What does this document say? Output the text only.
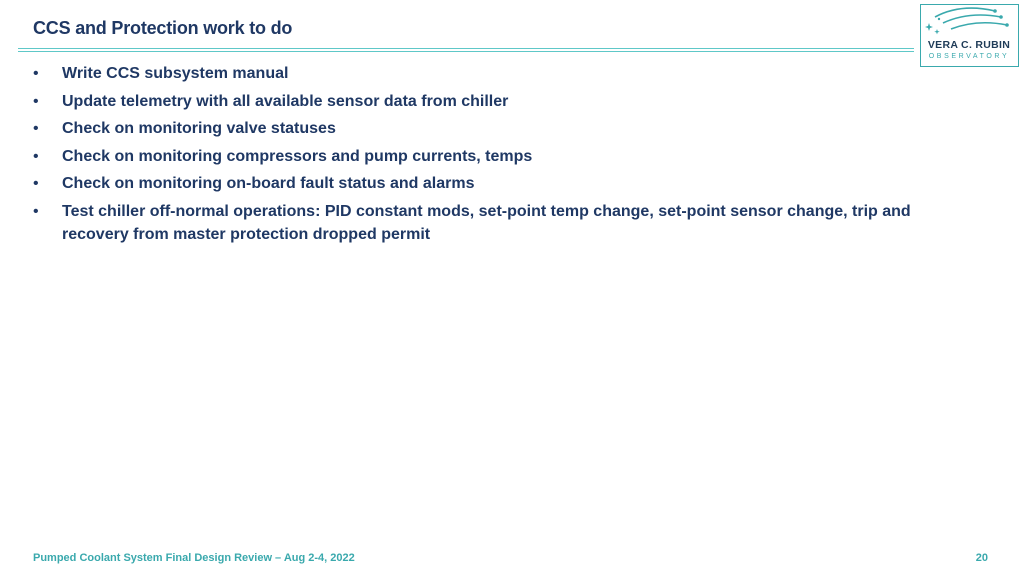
CCS and Protection work to do
VERA C. RUBIN
OBSERVATORY
• Write CCS subsystem manual
• Update telemetry with all available sensor data from chiller
• Check on monitoring valve statuses
• Check on monitoring compressors and pump currents, temps
• Check on monitoring on-board fault status and alarms
• Test chiller off-normal operations: PID constant mods, set-point temp change, set-point sensor change, trip and recovery from master protection dropped permit
Pumped Coolant System Final Design Review – Aug 2-4, 2022	20
